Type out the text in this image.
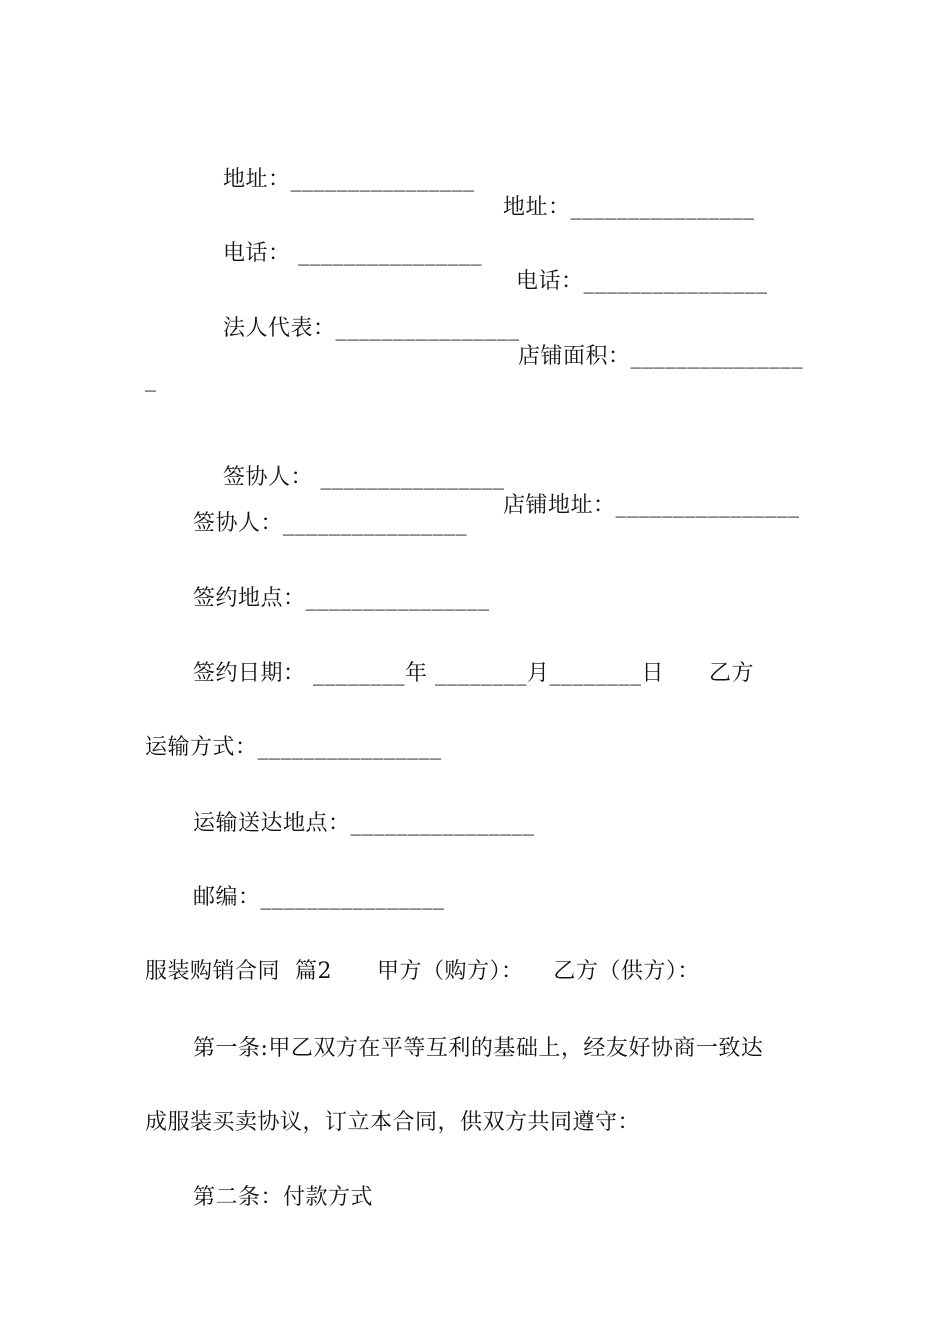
地址：________________

地址：________________

电话： ________________

电话：________________

法人代表：________________

店铺面积：_______________

_

签协人： ________________

店铺地址：________________

签协人：________________
签约地点：________________
签约日期： ________年 ________月________日      乙方
运输方式：________________
运输送达地点：________________
邮编：________________
服装购销合同  篇2      甲方（购方）：    乙方（供方）：
第一条:甲乙双方在平等互利的基础上，经友好协商一致达
成服装买卖协议，订立本合同，供双方共同遵守：
第二条：付款方式
